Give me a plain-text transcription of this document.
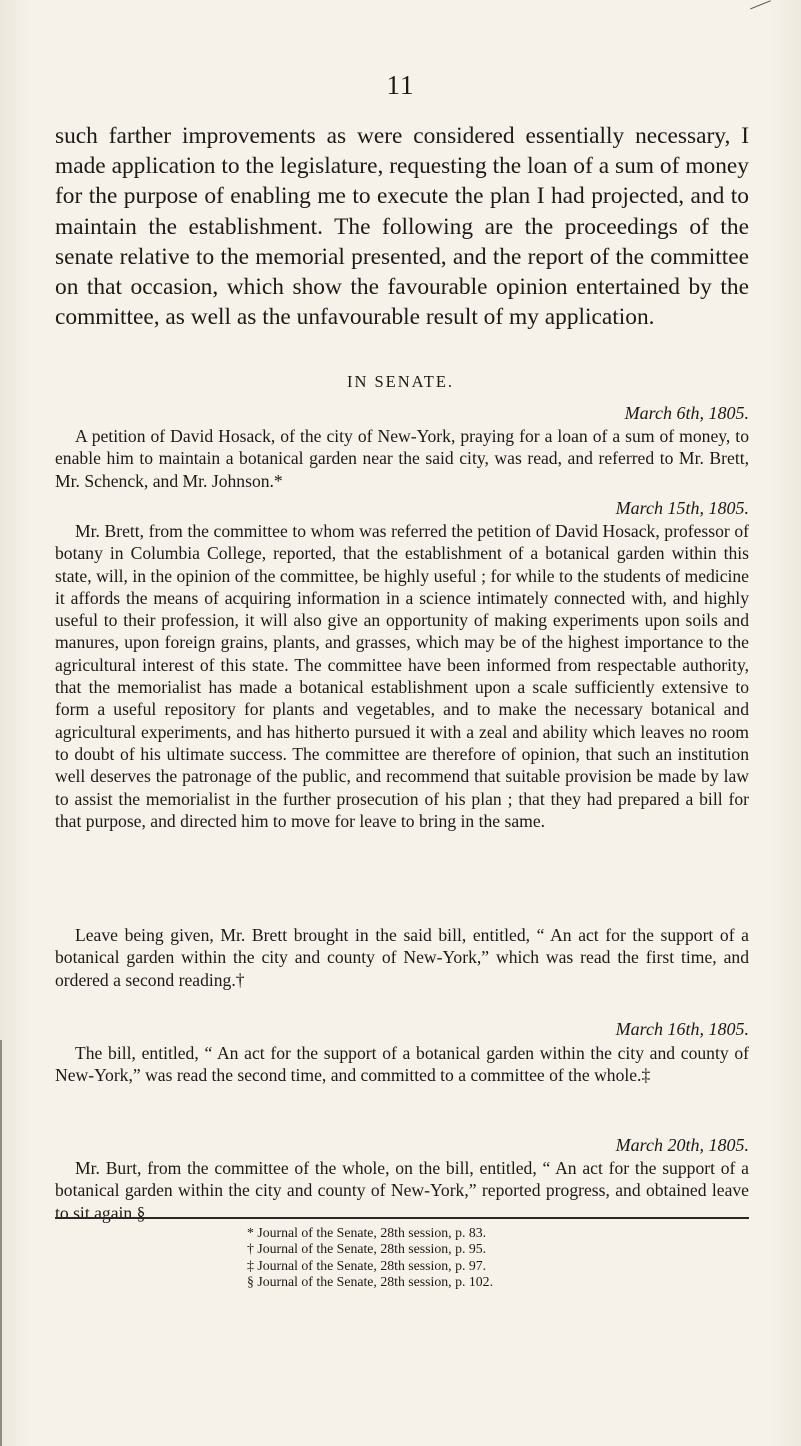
11

such farther improvements as were considered essentially necessary, I made application to the legislature, requesting the loan of a sum of money for the purpose of enabling me to execute the plan I had projected, and to maintain the establishment. The following are the proceedings of the senate relative to the memorial presented, and the report of the committee on that occasion, which show the favourable opinion entertained by the committee, as well as the unfavourable result of my application.

IN SENATE.
March 6th, 1805.

A petition of David Hosack, of the city of New-York, praying for a loan of a sum of money, to enable him to maintain a botanical garden near the said city, was read, and referred to Mr. Brett, Mr. Schenck, and Mr. Johnson.*

March 15th, 1805.

Mr. Brett, from the committee to whom was referred the petition of David Hosack, professor of botany in Columbia College, reported, that the establishment of a botanical garden within this state, will, in the opinion of the committee, be highly useful ; for while to the students of medicine it affords the means of acquiring information in a science intimately connected with, and highly useful to their profession, it will also give an opportunity of making experiments upon soils and manures, upon foreign grains, plants, and grasses, which may be of the highest importance to the agricultural interest of this state. The committee have been informed from respectable authority, that the memorialist has made a botanical establishment upon a scale sufficiently extensive to form a useful repository for plants and vegetables, and to make the necessary botanical and agricultural experiments, and has hitherto pursued it with a zeal and ability which leaves no room to doubt of his ultimate success. The committee are therefore of opinion, that such an institution well deserves the patronage of the public, and recommend that suitable provision be made by law to assist the memorialist in the further prosecution of his plan ; that they had prepared a bill for that purpose, and directed him to move for leave to bring in the same.

Leave being given, Mr. Brett brought in the said bill, entitled, “ An act for the support of a botanical garden within the city and county of New-York,” which was read the first time, and ordered a second reading.†

March 16th, 1805.

The bill, entitled, “ An act for the support of a botanical garden within the city and county of New-York,” was read the second time, and committed to a committee of the whole.‡

March 20th, 1805.

Mr. Burt, from the committee of the whole, on the bill, entitled, “ An act for the support of a botanical garden within the city and county of New-York,” reported progress, and obtained leave to sit again.§

* Journal of the Senate, 28th session, p. 83.
† Journal of the Senate, 28th session, p. 95.
‡ Journal of the Senate, 28th session, p. 97.
§ Journal of the Senate, 28th session, p. 102.
